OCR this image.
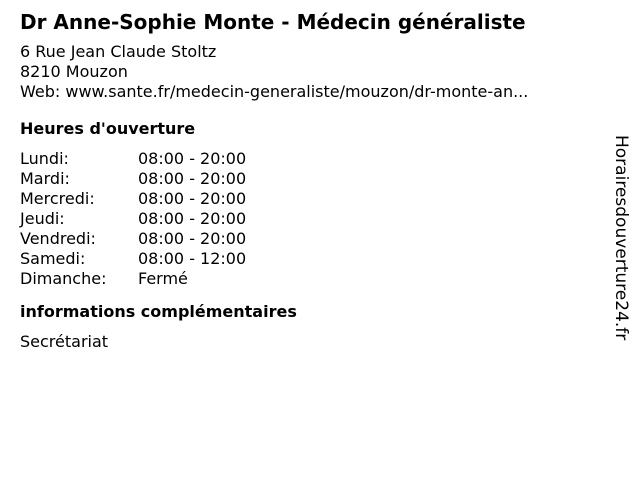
Dr Anne-Sophie Monte - Médecin généraliste
6 Rue Jean Claude Stoltz
8210 Mouzon
Web: www.sante.fr/medecin-generaliste/mouzon/dr-monte-an...
Heures d'ouverture
Lundi:	08:00 - 20:00
Mardi:	08:00 - 20:00
Mercredi:	08:00 - 20:00
Jeudi:	08:00 - 20:00
Vendredi:	08:00 - 20:00
Samedi:	08:00 - 12:00
Dimanche:	Fermé
informations complémentaires
Secrétariat
Horairesdouverture24.fr
